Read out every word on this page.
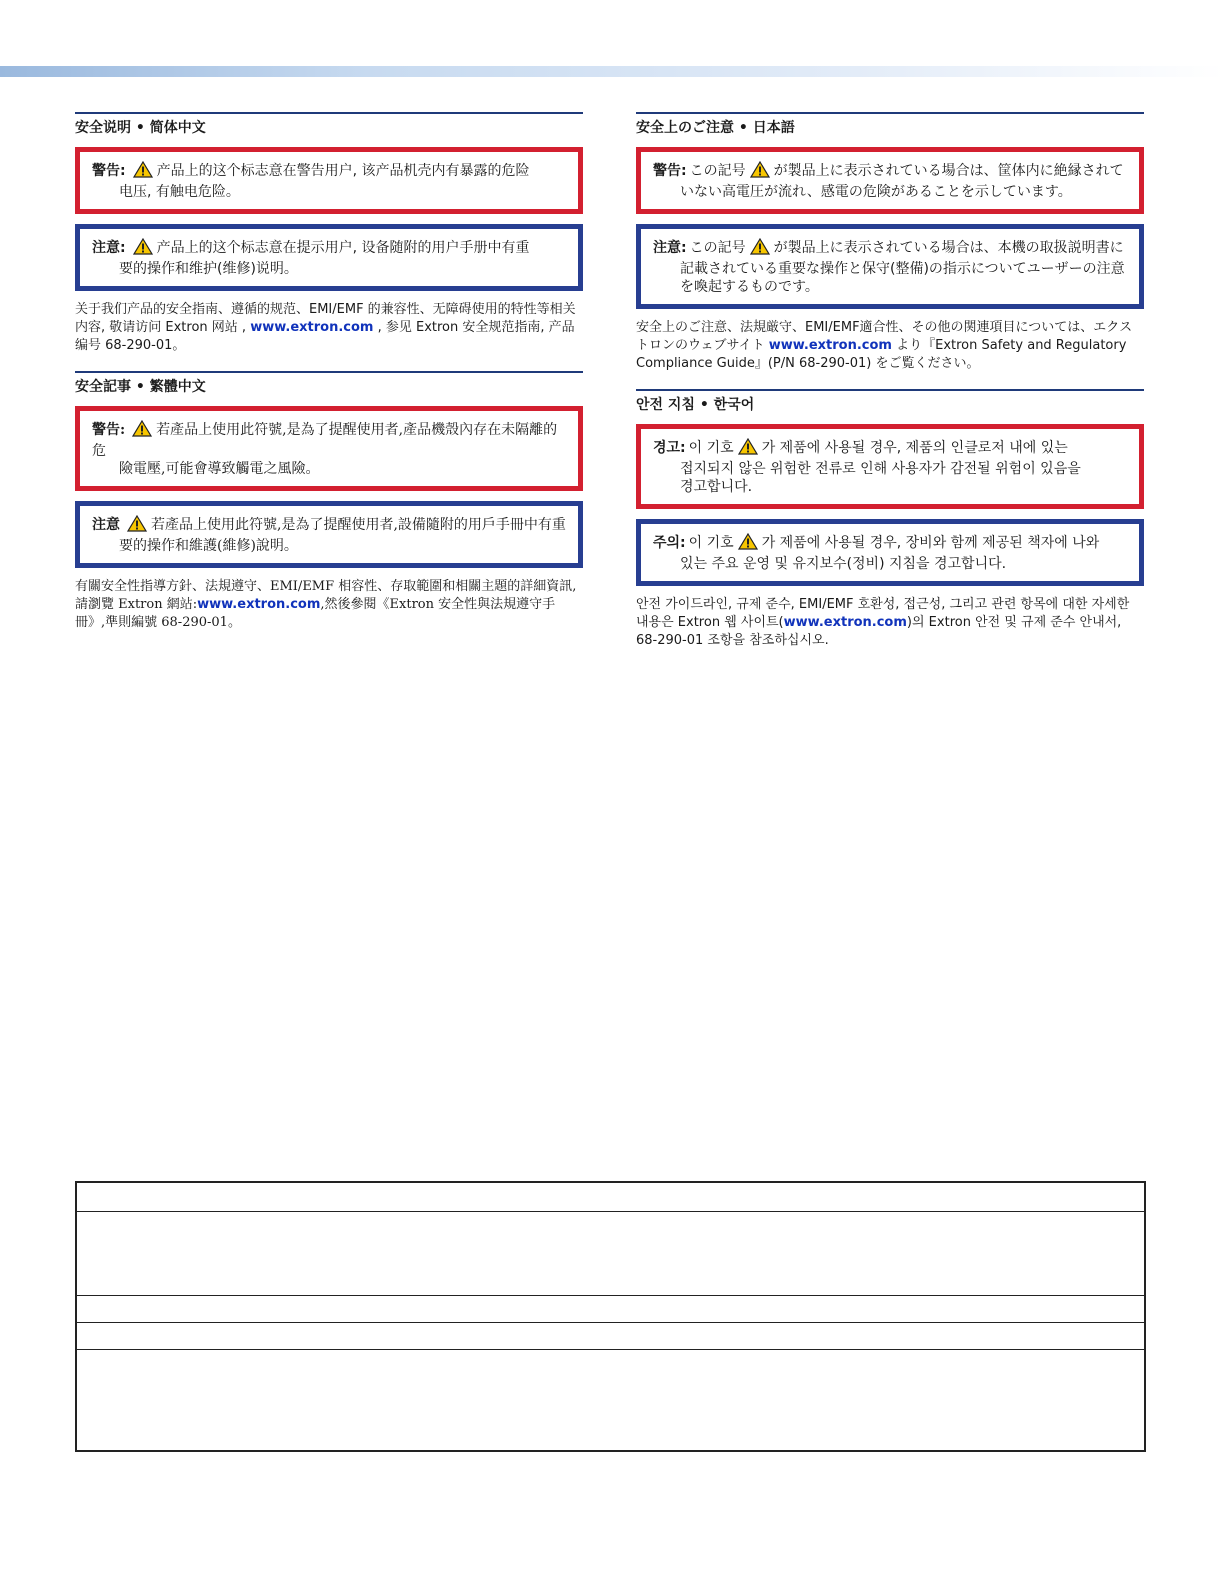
安全说明 • 简体中文
警告: 产品上的这个标志意在警告用户, 该产品机壳内有暴露的危险
电压, 有触电危险。
注意: 产品上的这个标志意在提示用户, 设备随附的用户手册中有重
要的操作和维护(维修)说明。

关于我们产品的安全指南、遵循的规范、EMI/EMF 的兼容性、无障碍使用的特性等相关内容, 敬请访问 Extron 网站 , www.extron.com , 参见 Extron 安全规范指南, 产品编号 68-290-01。

安全記事 • 繁體中文
警告: 若產品上使用此符號,是為了提醒使用者,產品機殼內存在未隔離的危
險電壓,可能會導致觸電之風險。
注意 若產品上使用此符號,是為了提醒使用者,設備隨附的用戶手冊中有重
要的操作和維護(維修)說明。

有關安全性指導方針、法規遵守、EMI/EMF 相容性、存取範圍和相關主題的詳細資訊,請瀏覽 Extron 網站:www.extron.com,然後參閱《Extron 安全性與法規遵守手冊》,準則編號 68-290-01。

安全上のご注意 • 日本語
警告: この記号 が製品上に表示されている場合は、筐体内に絶縁されて
いない高電圧が流れ、感電の危険があることを示しています。
注意: この記号 が製品上に表示されている場合は、本機の取扱説明書に
記載されている重要な操作と保守(整備)の指示についてユーザーの注意
を喚起するものです。

安全上のご注意、法規厳守、EMI/EMF適合性、その他の関連項目については、エクストロンのウェブサイト www.extron.com より『Extron Safety and Regulatory Compliance Guide』(P/N 68-290-01) をご覧ください。

안전 지침 • 한국어
경고: 이 기호 가 제품에 사용될 경우, 제품의 인클로저 내에 있는
접지되지 않은 위험한 전류로 인해 사용자가 감전될 위험이 있음을
경고합니다.
주의: 이 기호 가 제품에 사용될 경우, 장비와 함께 제공된 책자에 나와
있는 주요 운영 및 유지보수(정비) 지침을 경고합니다.

안전 가이드라인, 규제 준수, EMI/EMF 호환성, 접근성, 그리고 관련 항목에 대한 자세한 내용은 Extron 웹 사이트(www.extron.com)의 Extron 안전 및 규제 준수 안내서, 68-290-01 조항을 참조하십시오.
